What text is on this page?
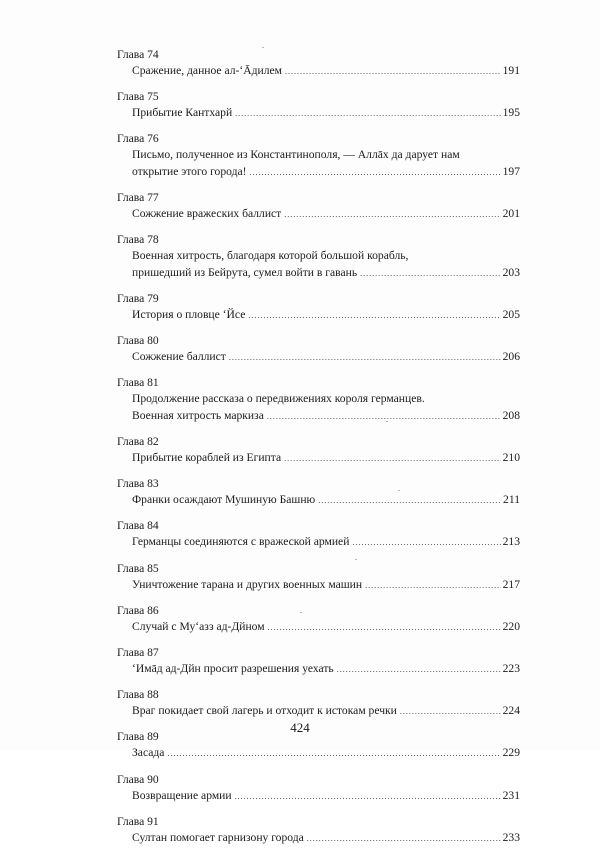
Глава 74
Сражение, данное ал-‘Āдилем .....	191
Глава 75
Прибытие Кантхарй .....	195
Глава 76
Письмо, полученное из Константинополя, — Аллāх да дарует нам
открытие этого города! .....	197
Глава 77
Сожжение вражеских баллист .....	201
Глава 78
Военная хитрость, благодаря которой большой корабль,
пришедший из Бейрута, сумел войти в гавань .....	203
Глава 79
История о пловце ‘Йсе .....	205
Глава 80
Сожжение баллист .....	206
Глава 81
Продолжение рассказа о передвижениях короля германцев.
Военная хитрость маркиза .....	208
Глава 82
Прибытие кораблей из Египта .....	210
Глава 83
Франки осаждают Мушиную Башню .....	211
Глава 84
Германцы соединяются с вражеской армией .....	213
Глава 85
Уничтожение тарана и других военных машин .....	217
Глава 86
Случай с Му‘азз ад-Дйном .....	220
Глава 87
‘Имāд ад-Дйн просит разрешения уехать .....	223
Глава 88
Враг покидает свой лагерь и отходит к истокам речки .....	224
Глава 89
Засада .....	229
Глава 90
Возвращение армии .....	231
Глава 91
Султан помогает гарнизону города .....	233
424
